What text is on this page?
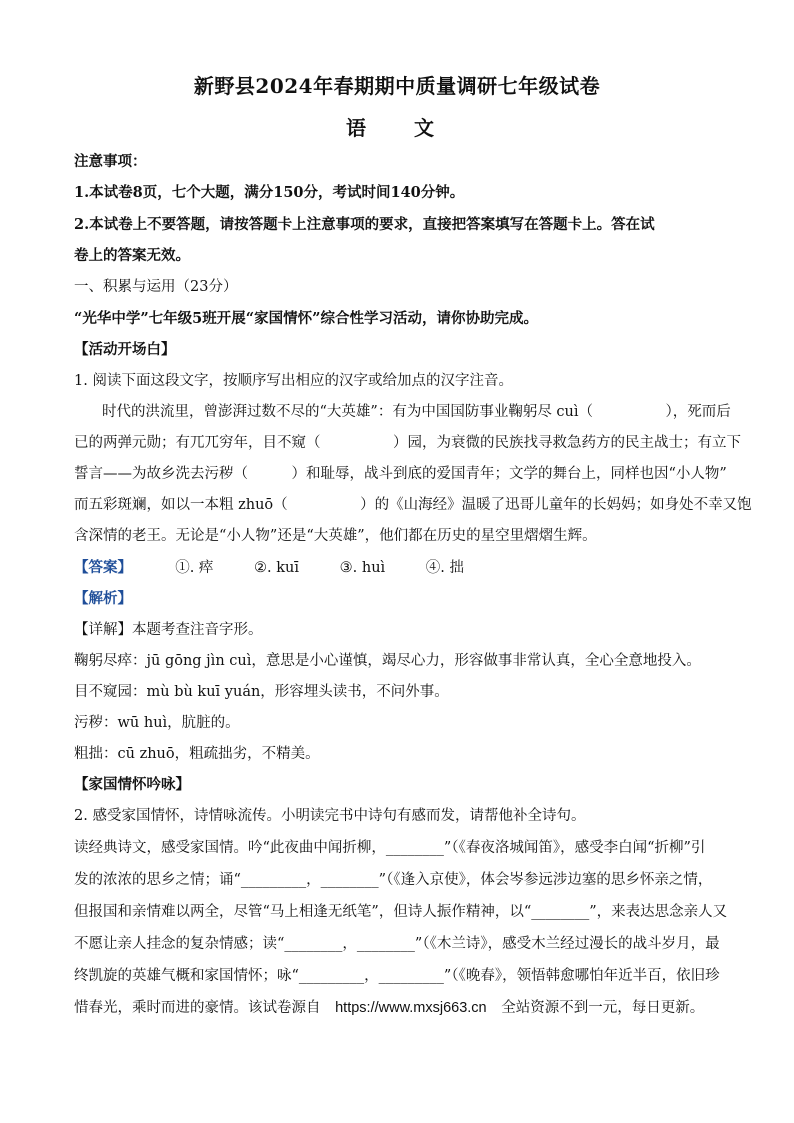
新野县2024年春期期中质量调研七年级试卷
语　文
注意事项：
1.本试卷8页，七个大题，满分150分，考试时间140分钟。
2.本试卷上不要答题，请按答题卡上注意事项的要求，直接把答案填写在答题卡上。答在试
卷上的答案无效。
一、积累与运用（23分）
“光华中学”七年级5班开展“家国情怀”综合性学习活动，请你协助完成。
【活动开场白】
1. 阅读下面这段文字，按顺序写出相应的汉字或给加点的汉字注音。
时代的洪流里，曾澎湃过数不尽的“大英雄”：有为中国国防事业鞠躬尽 cuì（　　　　　），死而后
已的两弹元勋；有兀兀穷年，目不窥（　　　　　）园，为衰微的民族找寻救急药方的民主战士；有立下
誓言——为故乡洗去污秽（　　　）和耻辱，战斗到底的爱国青年；文学的舞台上，同样也因“小人物”
而五彩斑斓，如以一本粗 zhuō（　　　　　）的《山海经》温暖了迅哥儿童年的长妈妈；如身处不幸又饱
含深情的老王。无论是“小人物”还是“大英雄”，他们都在历史的星空里熠熠生辉。
【答案】	①. 瘁	②. kuī	③. huì	④. 拙
【解析】
【详解】本题考查注音字形。
鞠躬尽瘁：jū gōng jìn cuì，意思是小心谨慎，竭尽心力，形容做事非常认真，全心全意地投入。
目不窥园：mù bù kuī yuán，形容埋头读书，不问外事。
污秽：wū huì，肮脏的。
粗拙：cū zhuō，粗疏拙劣，不精美。
【家国情怀吟咏】
2. 感受家国情怀，诗情咏流传。小明读完书中诗句有感而发，请帮他补全诗句。
读经典诗文，感受家国情。吟“此夜曲中闻折柳，________”（《春夜洛城闻笛》，感受李白闻“折柳”引
发的浓浓的思乡之情；诵“_________，________”（《逢入京使》，体会岑参远涉边塞的思乡怀亲之情，
但报国和亲情难以两全，尽管“马上相逢无纸笔”，但诗人振作精神，以“________”，来表达思念亲人又
不愿让亲人挂念的复杂情感；读“________，________”（《木兰诗》，感受木兰经过漫长的战斗岁月，最
终凯旋的英雄气概和家国情怀；咏“_________，_________”（《晚春》，领悟韩愈哪怕年近半百，依旧珍
惜春光，乘时而进的豪情。该试卷源自 https://www.mxsj663.cn 全站资源不到一元，每日更新。
